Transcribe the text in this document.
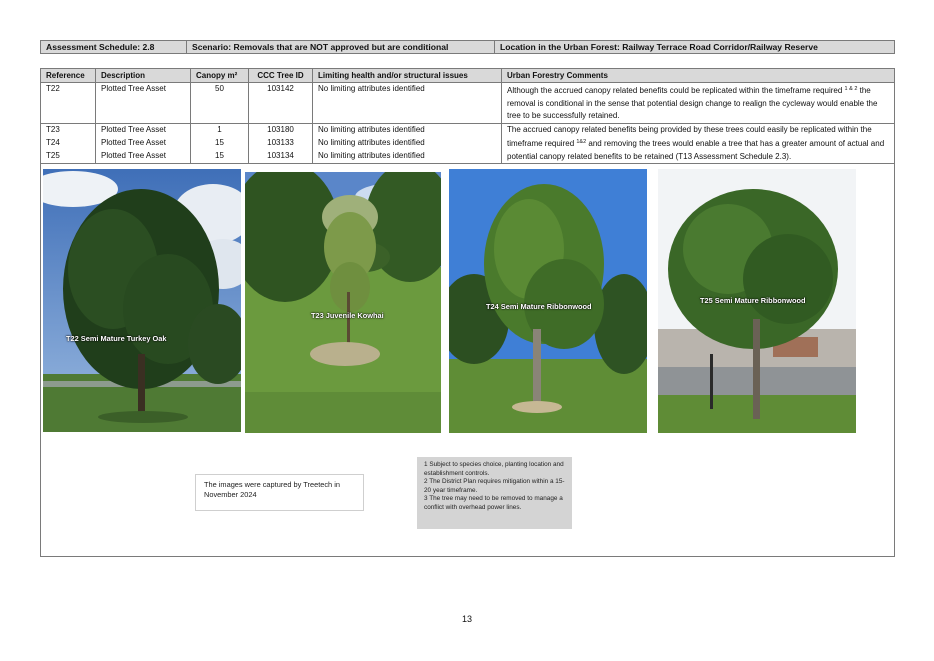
Assessment Schedule: 2.8	Scenario: Removals that are NOT approved but are conditional	Location in the Urban Forest: Railway Terrace Road Corridor/Railway Reserve
Reference	Description	Canopy m²	CCC Tree ID	Limiting health and/or structural issues	Urban Forestry Comments
T22	Plotted Tree Asset	50	103142	No limiting attributes identified	Although the accrued canopy related benefits could be replicated within the timeframe required $^{1 \& 2}$ the removal is conditional in the sense that potential design change to realign the cycleway would enable the tree to be successfully retained.
T23	Plotted Tree Asset	1	103180	No limiting attributes identified	The accrued canopy related benefits being provided by these trees could easily be replicated within the timeframe required $^{1\&2}$ and removing the trees would enable a tree that has a greater amount of actual and potential canopy related benefits to be retained (T13 Assessment Schedule 2.3).
T24	Plotted Tree Asset	15	103133	No limiting attributes identified	
T25	Plotted Tree Asset	15	103134	No limiting attributes identified	
T22 Semi Mature Turkey Oak
T23 Juvenile Kowhai
T24 Semi Mature Ribbonwood
T25 Semi Mature Ribbonwood
The images were captured by Treetech in November 2024
1 Subject to species choice, planting location and establishment controls.
2 The District Plan requires mitigation within a 15-20 year timeframe.
3 The tree may need to be removed to manage a conflict with overhead power lines.
13
